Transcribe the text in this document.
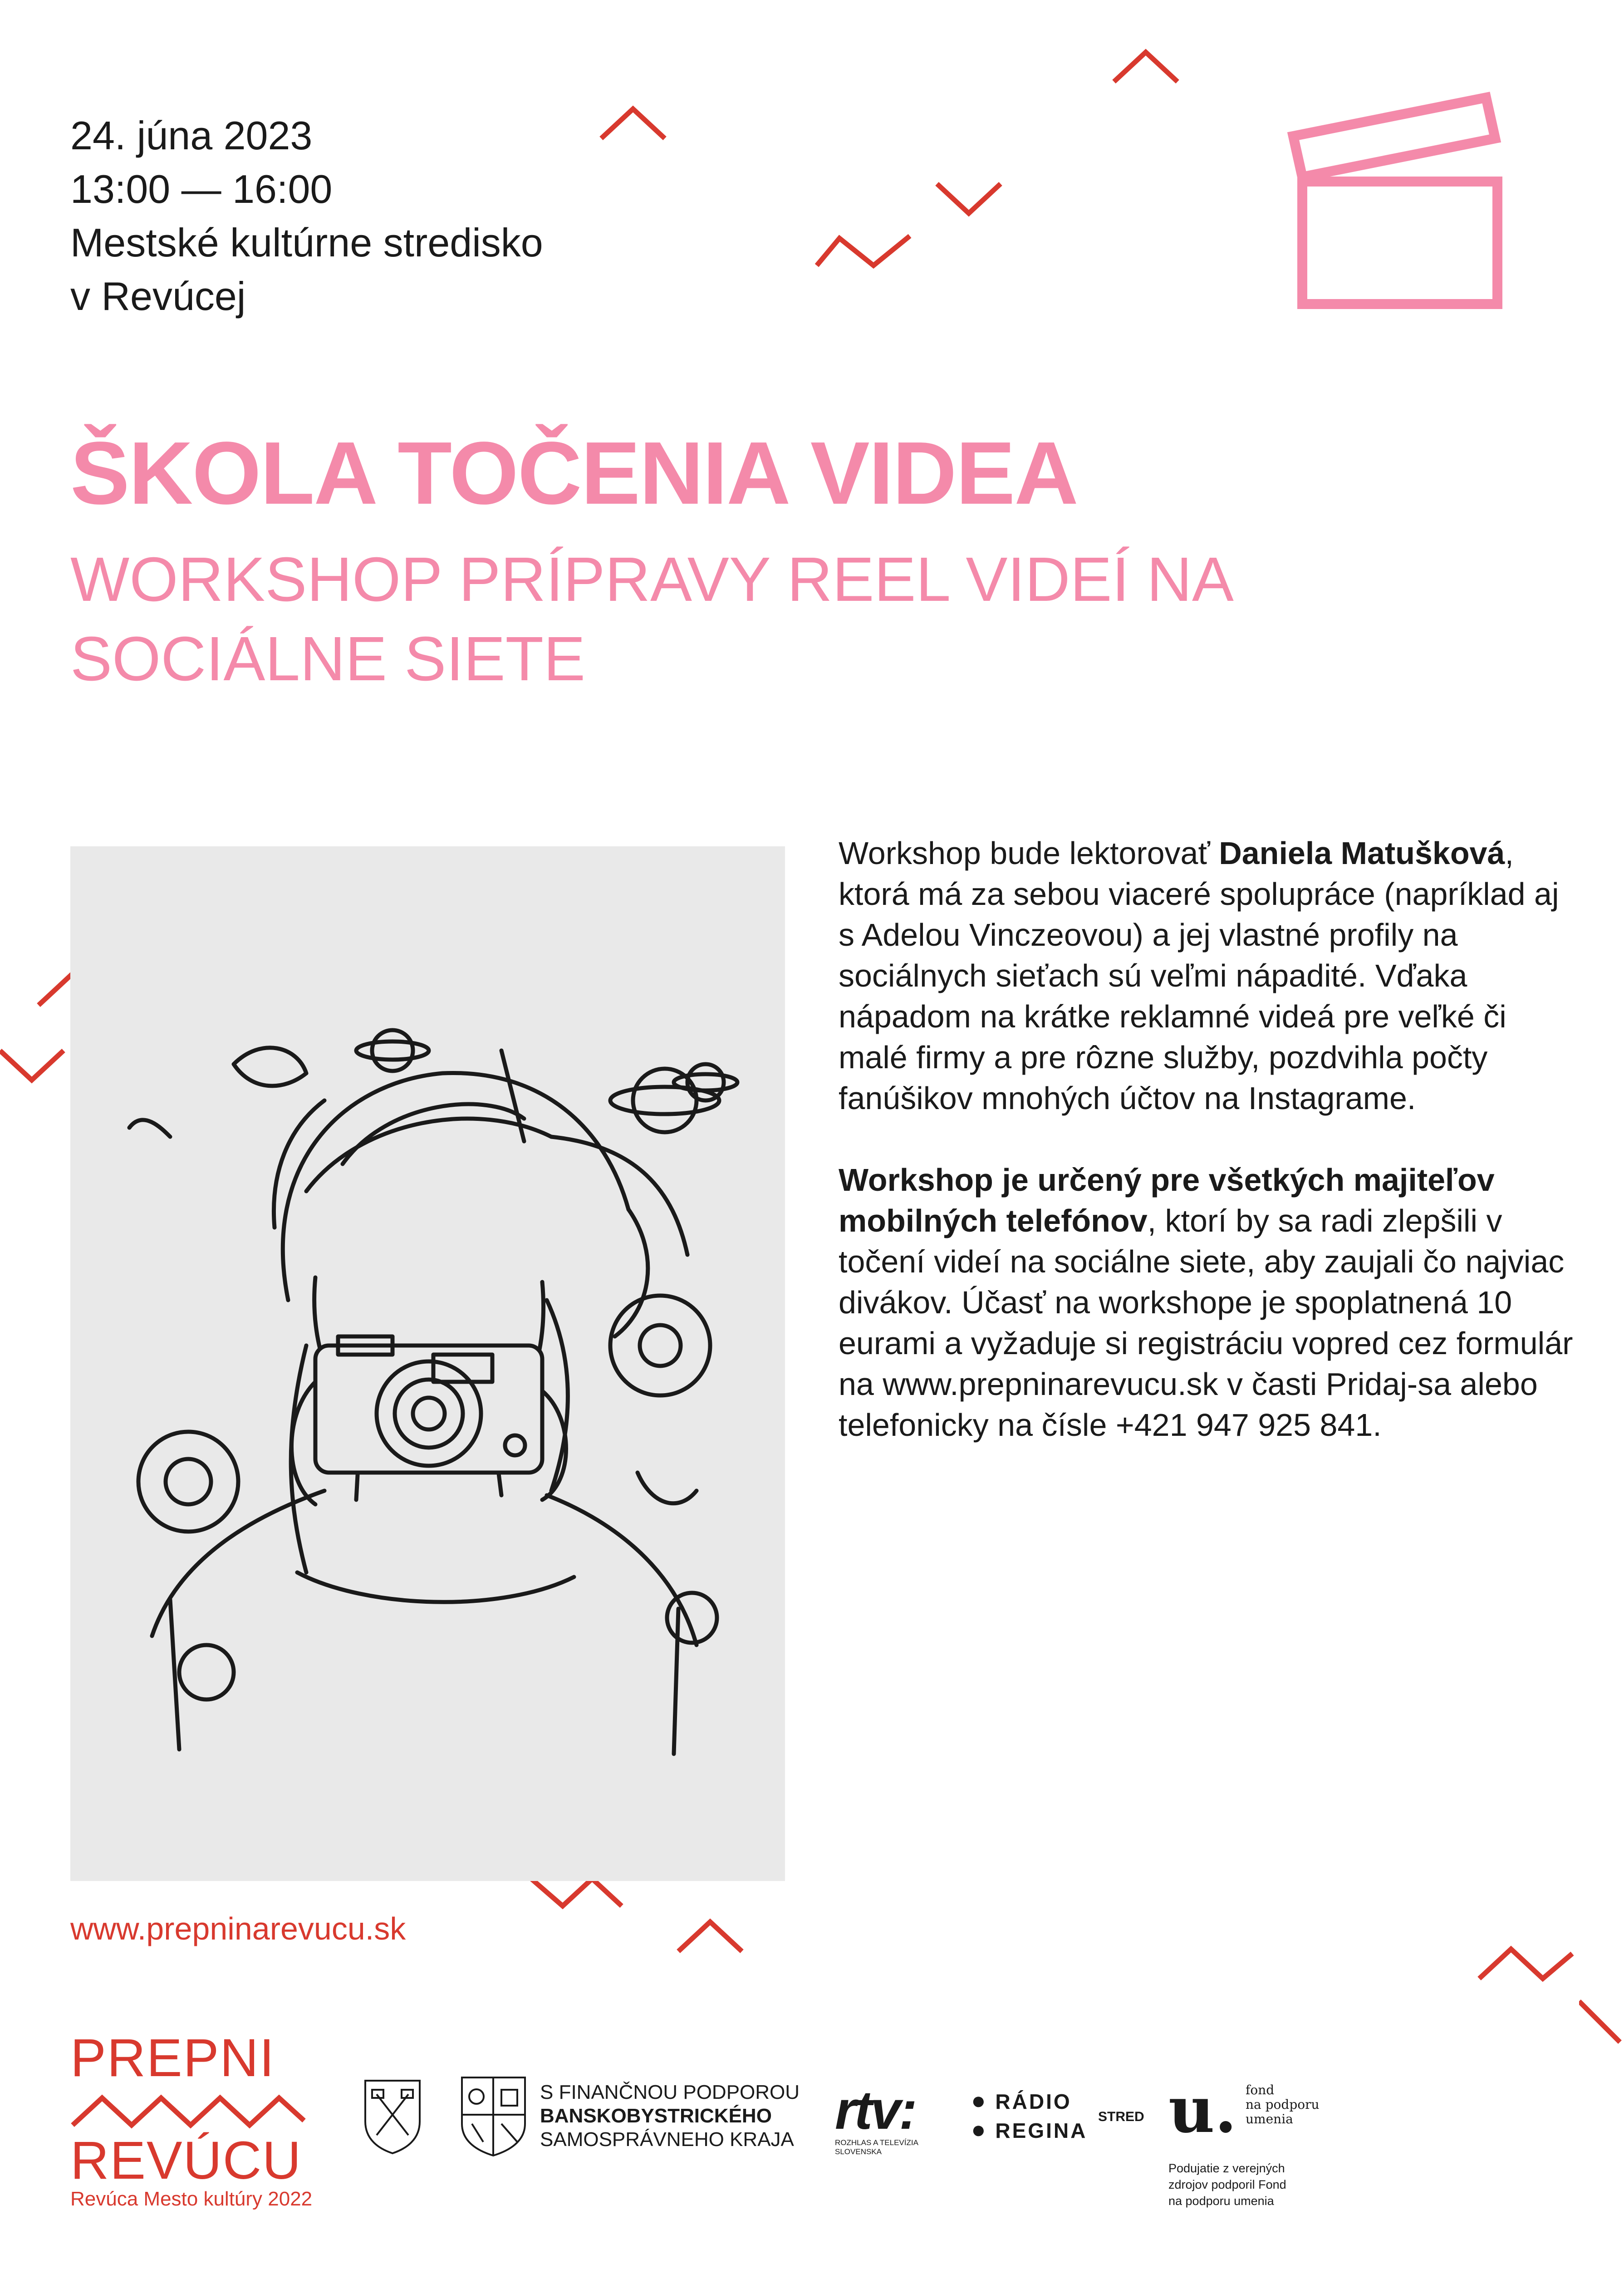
24. júna 2023
13:00 — 16:00
Mestské kultúrne stredisko
v Revúcej
ŠKOLA TOČENIA VIDEA
WORKSHOP PRÍPRAVY REEL VIDEÍ NA SOCIÁLNE SIETE

Workshop bude lektorovať Daniela Matušková, ktorá má za sebou viaceré spolupráce (napríklad aj s Adelou Vinczeovou) a jej vlastné profily na sociálnych sieťach sú veľmi nápadité. Vďaka nápadom na krátke reklamné videá pre veľké či malé firmy a pre rôzne služby, pozdvihla počty fanúšikov mnohých účtov na Instagrame.

Workshop je určený pre všetkých majiteľov mobilných telefónov, ktorí by sa radi zlepšili v točení videí na sociálne siete, aby zaujali čo najviac divákov. Účasť na workshope je spoplatnená 10 eurami a vyžaduje si registráciu vopred cez formulár na www.prepninarevucu.sk v časti Pridaj-sa alebo telefonicky na čísle +421 947 925 841.

www.prepninarevucu.sk
PREPNI
REVÚCU
Revúca Mesto kultúry 2022
S FINANČNOU PODPOROU
BANSKOBYSTRICKÉHO
SAMOSPRÁVNEHO KRAJA rtv:
ROZHLAS A TELEVÍZIA
SLOVENSKA
● RÁDIO
● REGINA
STRED u. fond
na podporu
umenia
Podujatie z verejných
zdrojov podporil Fond
na podporu umenia
